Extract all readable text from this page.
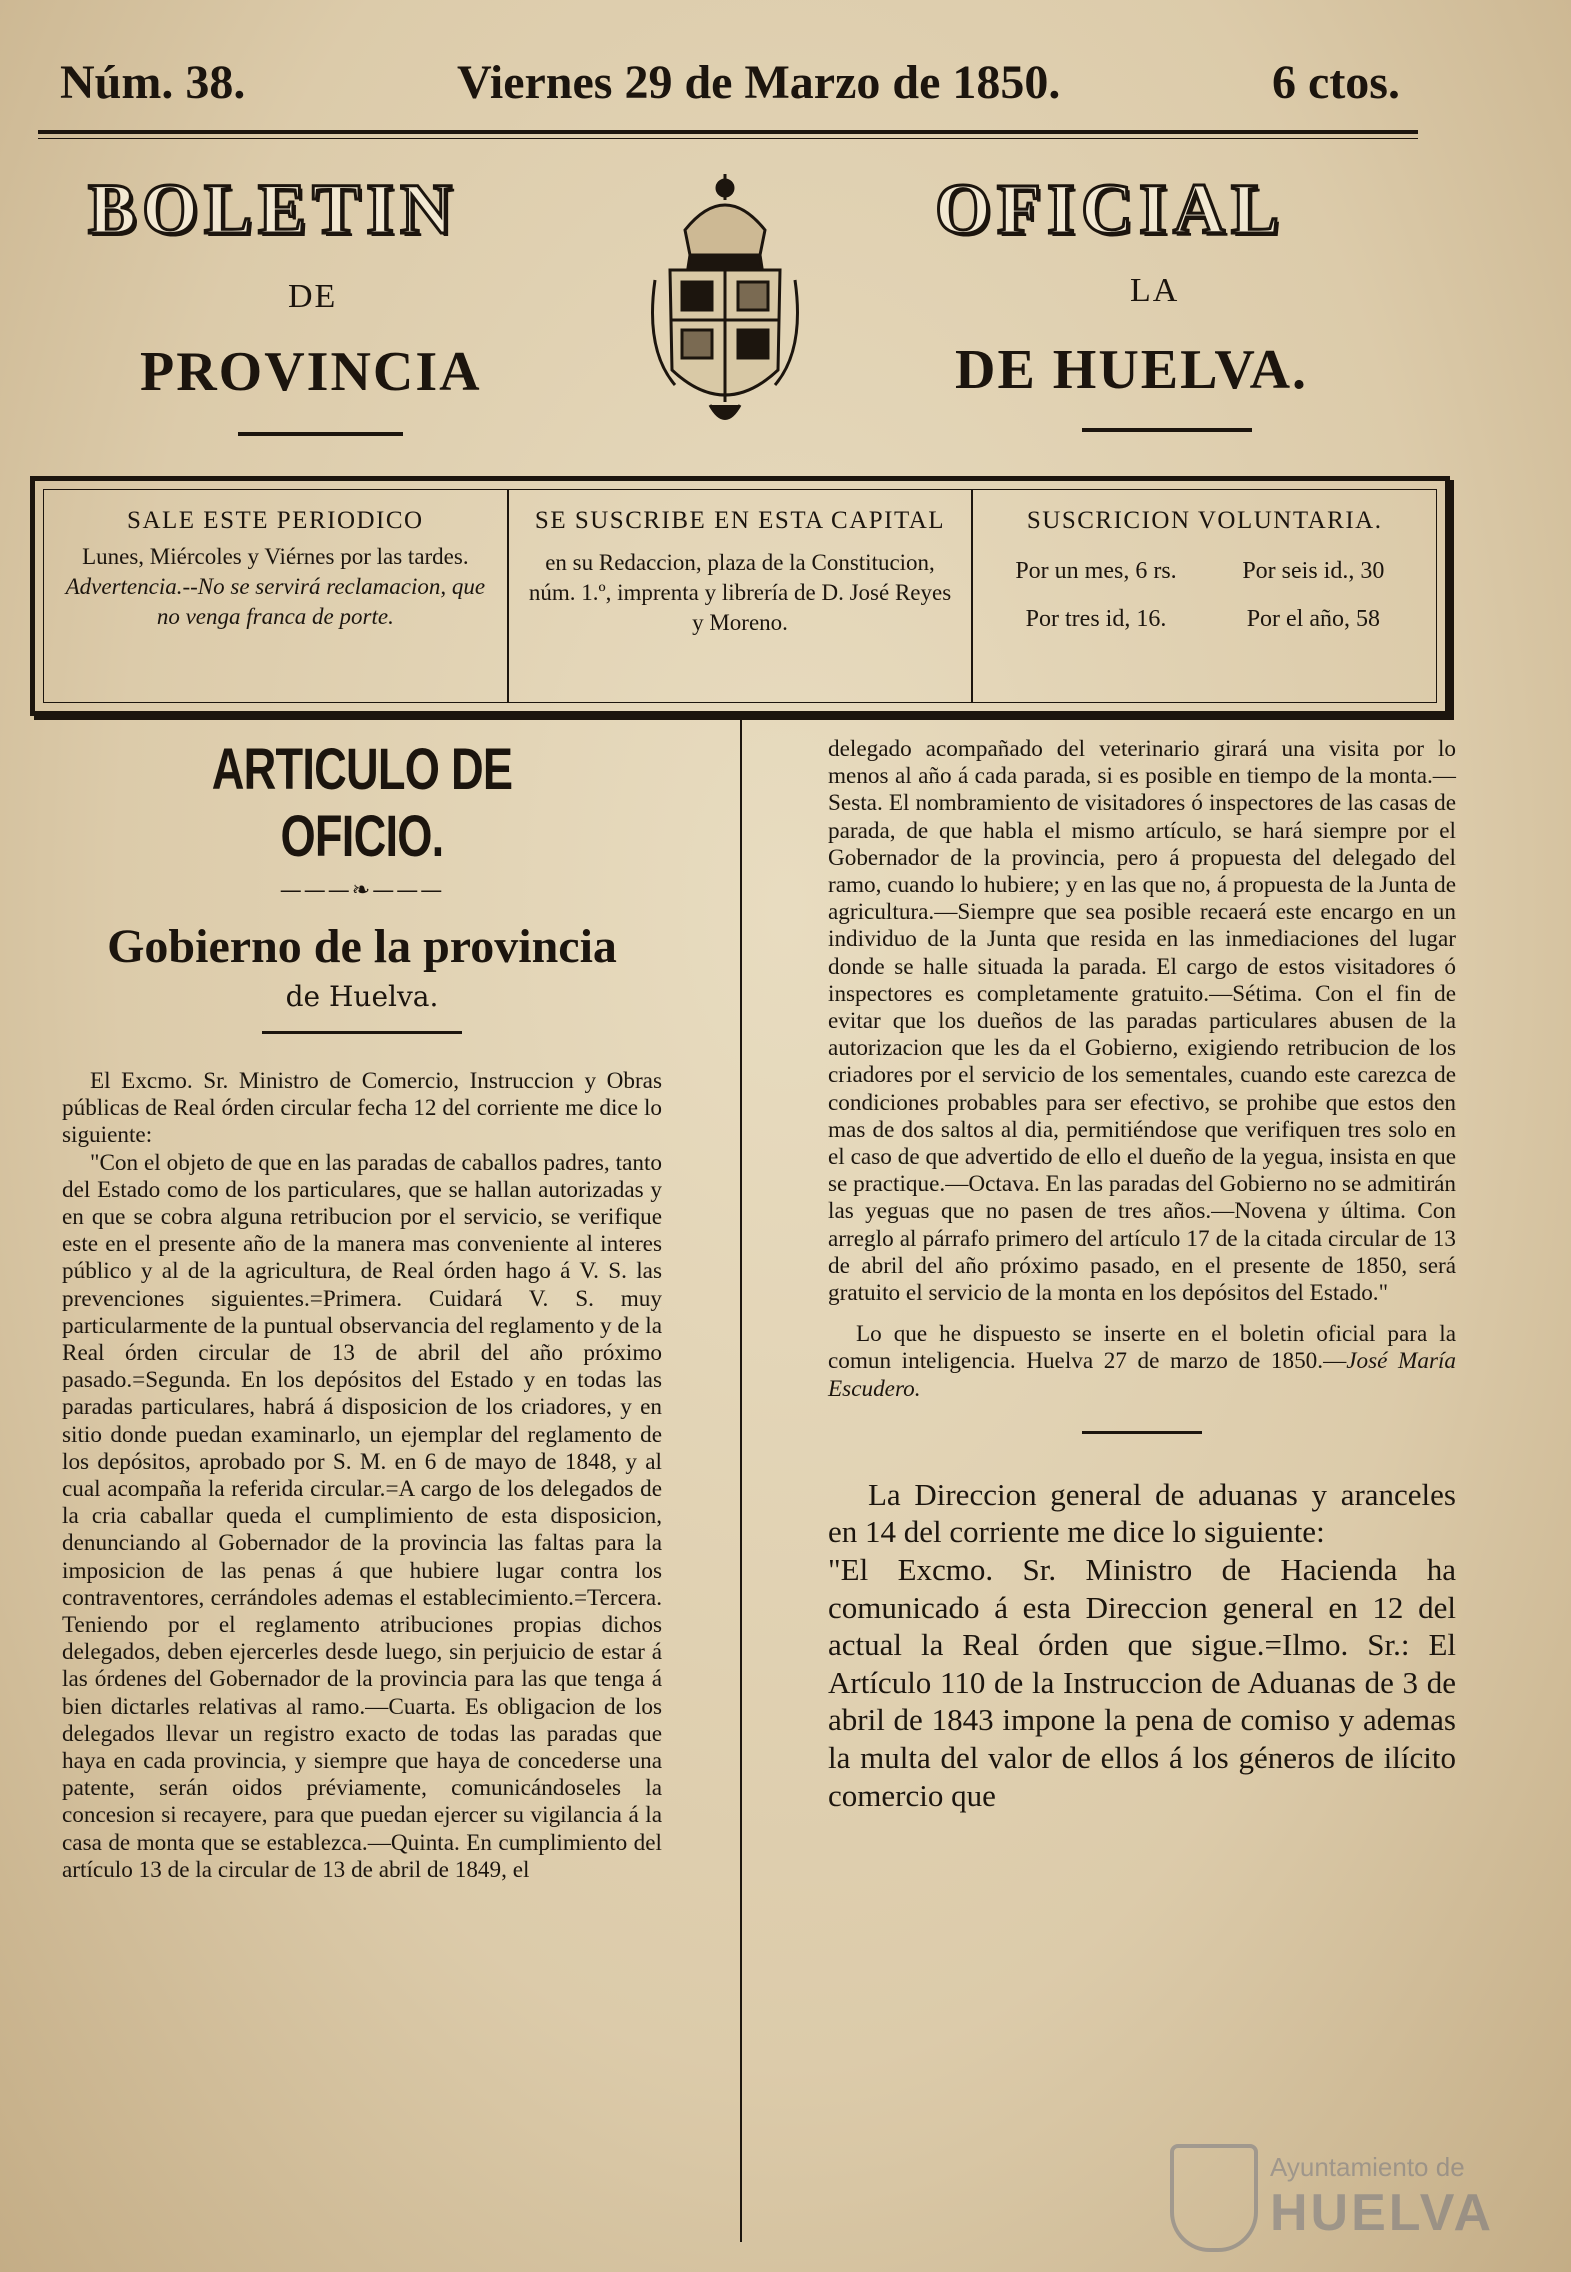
Núm. 38.	Viernes 29 de Marzo de 1850.	6 ctos.
BOLETIN	OFICIAL
DE	LA
PROVINCIA	DE HUELVA.
SALE ESTE PERIODICO
Lunes, Miércoles y Viérnes por las tardes.
Advertencia.--No se servirá reclamacion, que no venga franca de porte.
SE SUSCRIBE EN ESTA CAPITAL
en su Redaccion, plaza de la Constitucion, núm. 1.º, imprenta y librería de D. José Reyes y Moreno.
SUSCRICION VOLUNTARIA.
Por un mes, 6 rs.	Por seis id., 30
Por tres id, 16.	Por el año, 58
ARTICULO DE OFICIO.
———❧———
Gobierno de la provincia
de Huelva.

El Excmo. Sr. Ministro de Comercio, Instruccion y Obras públicas de Real órden circular fecha 12 del corriente me dice lo siguiente:

"Con el objeto de que en las paradas de caballos padres, tanto del Estado como de los particulares, que se hallan autorizadas y en que se cobra alguna retribucion por el servicio, se verifique este en el presente año de la manera mas conveniente al interes público y al de la agricultura, de Real órden hago á V. S. las prevenciones siguientes.=Primera. Cuidará V. S. muy particularmente de la puntual observancia del reglamento y de la Real órden circular de 13 de abril del año próximo pasado.=Segunda. En los depósitos del Estado y en todas las paradas particulares, habrá á disposicion de los criadores, y en sitio donde puedan examinarlo, un ejemplar del reglamento de los depósitos, aprobado por S. M. en 6 de mayo de 1848, y al cual acompaña la referida circular.=A cargo de los delegados de la cria caballar queda el cumplimiento de esta disposicion, denunciando al Gobernador de la provincia las faltas para la imposicion de las penas á que hubiere lugar contra los contraventores, cerrándoles ademas el establecimiento.=Tercera. Teniendo por el reglamento atribuciones propias dichos delegados, deben ejercerles desde luego, sin perjuicio de estar á las órdenes del Gobernador de la provincia para las que tenga á bien dictarles relativas al ramo.—Cuarta. Es obligacion de los delegados llevar un registro exacto de todas las paradas que haya en cada provincia, y siempre que haya de concederse una patente, serán oidos préviamente, comunicándoseles la concesion si recayere, para que puedan ejercer su vigilancia á la casa de monta que se establezca.—Quinta. En cumplimiento del artículo 13 de la circular de 13 de abril de 1849, el

delegado acompañado del veterinario girará una visita por lo menos al año á cada parada, si es posible en tiempo de la monta.—Sesta. El nombramiento de visitadores ó inspectores de las casas de parada, de que habla el mismo artículo, se hará siempre por el Gobernador de la provincia, pero á propuesta del delegado del ramo, cuando lo hubiere; y en las que no, á propuesta de la Junta de agricultura.—Siempre que sea posible recaerá este encargo en un individuo de la Junta que resida en las inmediaciones del lugar donde se halle situada la parada. El cargo de estos visitadores ó inspectores es completamente gratuito.—Sétima. Con el fin de evitar que los dueños de las paradas particulares abusen de la autorizacion que les da el Gobierno, exigiendo retribucion de los criadores por el servicio de los sementales, cuando este carezca de condiciones probables para ser efectivo, se prohibe que estos den mas de dos saltos al dia, permitiéndose que verifiquen tres solo en el caso de que advertido de ello el dueño de la yegua, insista en que se practique.—Octava. En las paradas del Gobierno no se admitirán las yeguas que no pasen de tres años.—Novena y última. Con arreglo al párrafo primero del artículo 17 de la citada circular de 13 de abril del año próximo pasado, en el presente de 1850, será gratuito el servicio de la monta en los depósitos del Estado."

Lo que he dispuesto se inserte en el boletin oficial para la comun inteligencia. Huelva 27 de marzo de 1850.—José María Escudero.

La Direccion general de aduanas y aranceles en 14 del corriente me dice lo siguiente:

"El Excmo. Sr. Ministro de Hacienda ha comunicado á esta Direccion general en 12 del actual la Real órden que sigue.=Ilmo. Sr.: El Artículo 110 de la Instruccion de Aduanas de 3 de abril de 1843 impone la pena de comiso y ademas la multa del valor de ellos á los géneros de ilícito comercio que

Ayuntamiento de
HUELVA
